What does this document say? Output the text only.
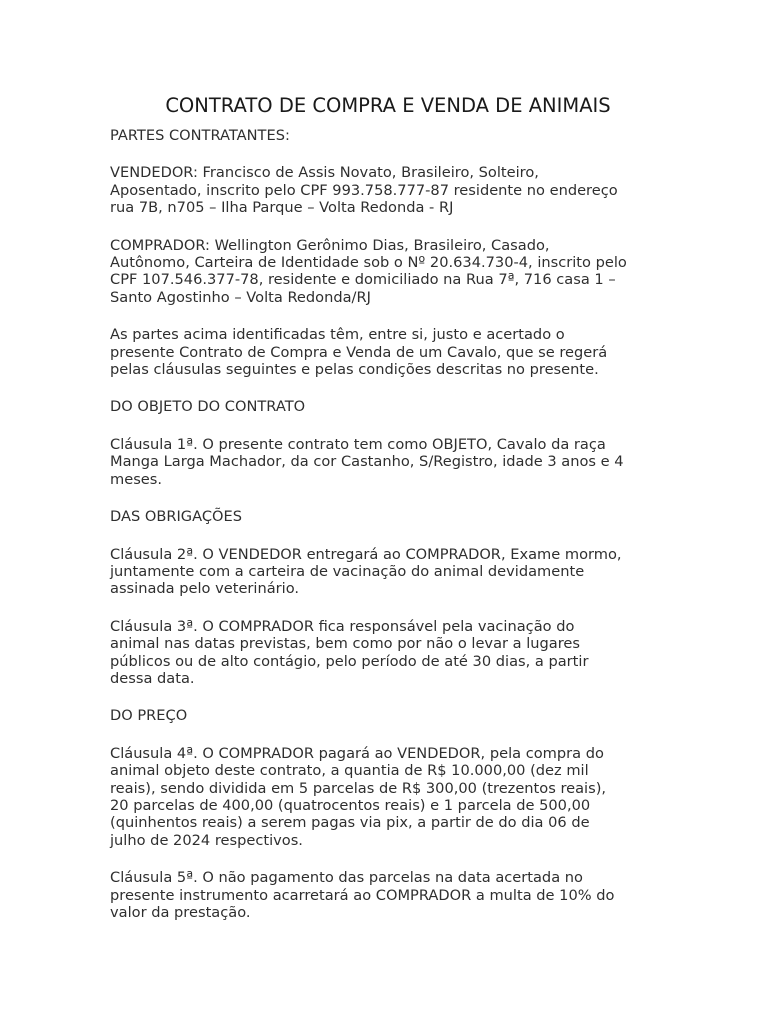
CONTRATO DE COMPRA E VENDA DE ANIMAIS
PARTES CONTRATANTES:
VENDEDOR: Francisco de Assis Novato, Brasileiro, Solteiro,
Aposentado, inscrito pelo CPF 993.758.777-87 residente no endereço
rua 7B, n705 – Ilha Parque – Volta Redonda - RJ
COMPRADOR: Wellington Gerônimo Dias, Brasileiro, Casado,
Autônomo, Carteira de Identidade sob o Nº 20.634.730-4, inscrito pelo
CPF 107.546.377-78, residente e domiciliado na Rua 7ª, 716 casa 1 –
Santo Agostinho – Volta Redonda/RJ
As partes acima identificadas têm, entre si, justo e acertado o
presente Contrato de Compra e Venda de um Cavalo, que se regerá
pelas cláusulas seguintes e pelas condições descritas no presente.
DO OBJETO DO CONTRATO
Cláusula 1ª. O presente contrato tem como OBJETO, Cavalo da raça
Manga Larga Machador, da cor Castanho, S/Registro, idade 3 anos e 4
meses.
DAS OBRIGAÇÕES
Cláusula 2ª. O VENDEDOR entregará ao COMPRADOR, Exame mormo,
juntamente com a carteira de vacinação do animal devidamente
assinada pelo veterinário.
Cláusula 3ª. O COMPRADOR fica responsável pela vacinação do
animal nas datas previstas, bem como por não o levar a lugares
públicos ou de alto contágio, pelo período de até 30 dias, a partir
dessa data.
DO PREÇO
Cláusula 4ª. O COMPRADOR pagará ao VENDEDOR, pela compra do
animal objeto deste contrato, a quantia de R$ 10.000,00 (dez mil
reais), sendo dividida em 5 parcelas de R$ 300,00 (trezentos reais),
20 parcelas de 400,00 (quatrocentos reais) e 1 parcela de 500,00
(quinhentos reais) a serem pagas via pix, a partir de do dia 06 de
julho de 2024 respectivos.
Cláusula 5ª. O não pagamento das parcelas na data acertada no
presente instrumento acarretará ao COMPRADOR a multa de 10% do
valor da prestação.
